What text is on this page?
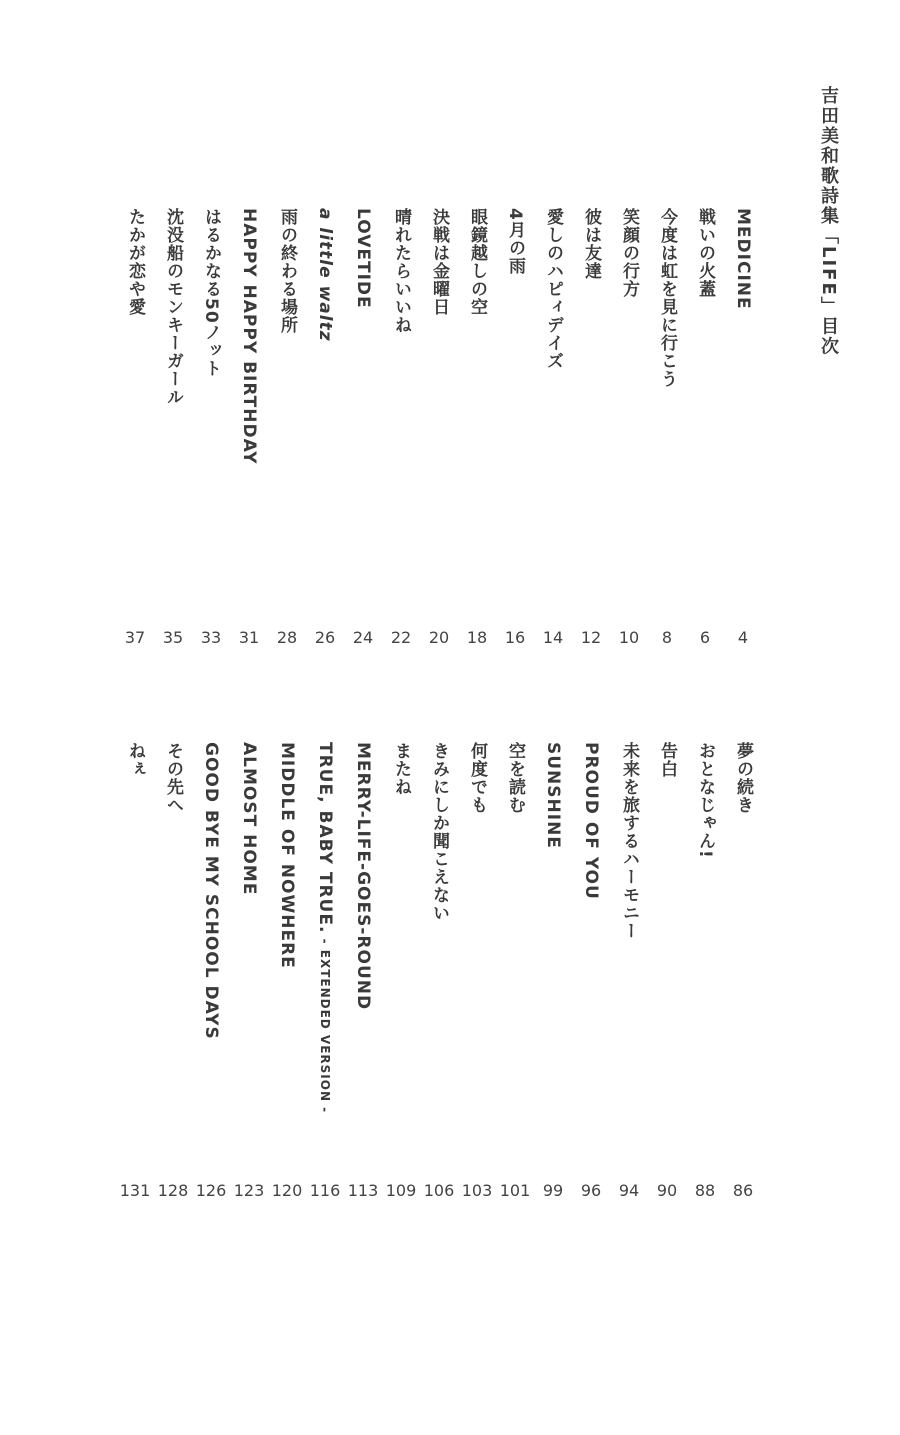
吉田美和歌詩集「LIFE」目次
MEDICINE
戦いの火蓋
今度は虹を見に行こう
笑顔の行方
彼は友達
愛しのハピィデイズ
4月の雨
眼鏡越しの空
決戦は金曜日
晴れたらいいね
LOVETIDE
a little waltz
雨の終わる場所
HAPPY HAPPY BIRTHDAY
はるかなる50ノット
沈没船のモンキーガール
たかが恋や愛
4
6
8
10
12
14
16
18
20
22
24
26
28
31
33
35
37
夢の続き
おとなじゃん!
告白
未来を旅するハーモニー
PROUD OF YOU
SUNSHINE
空を読む
何度でも
きみにしか聞こえない
またね
MERRY-LIFE-GOES-ROUND
TRUE, BABY TRUE. - EXTENDED VERSION -
MIDDLE OF NOWHERE
ALMOST HOME
GOOD BYE MY SCHOOL DAYS
その先へ
ねぇ
86
88
90
94
96
99
101
103
106
109
113
116
120
123
126
128
131
